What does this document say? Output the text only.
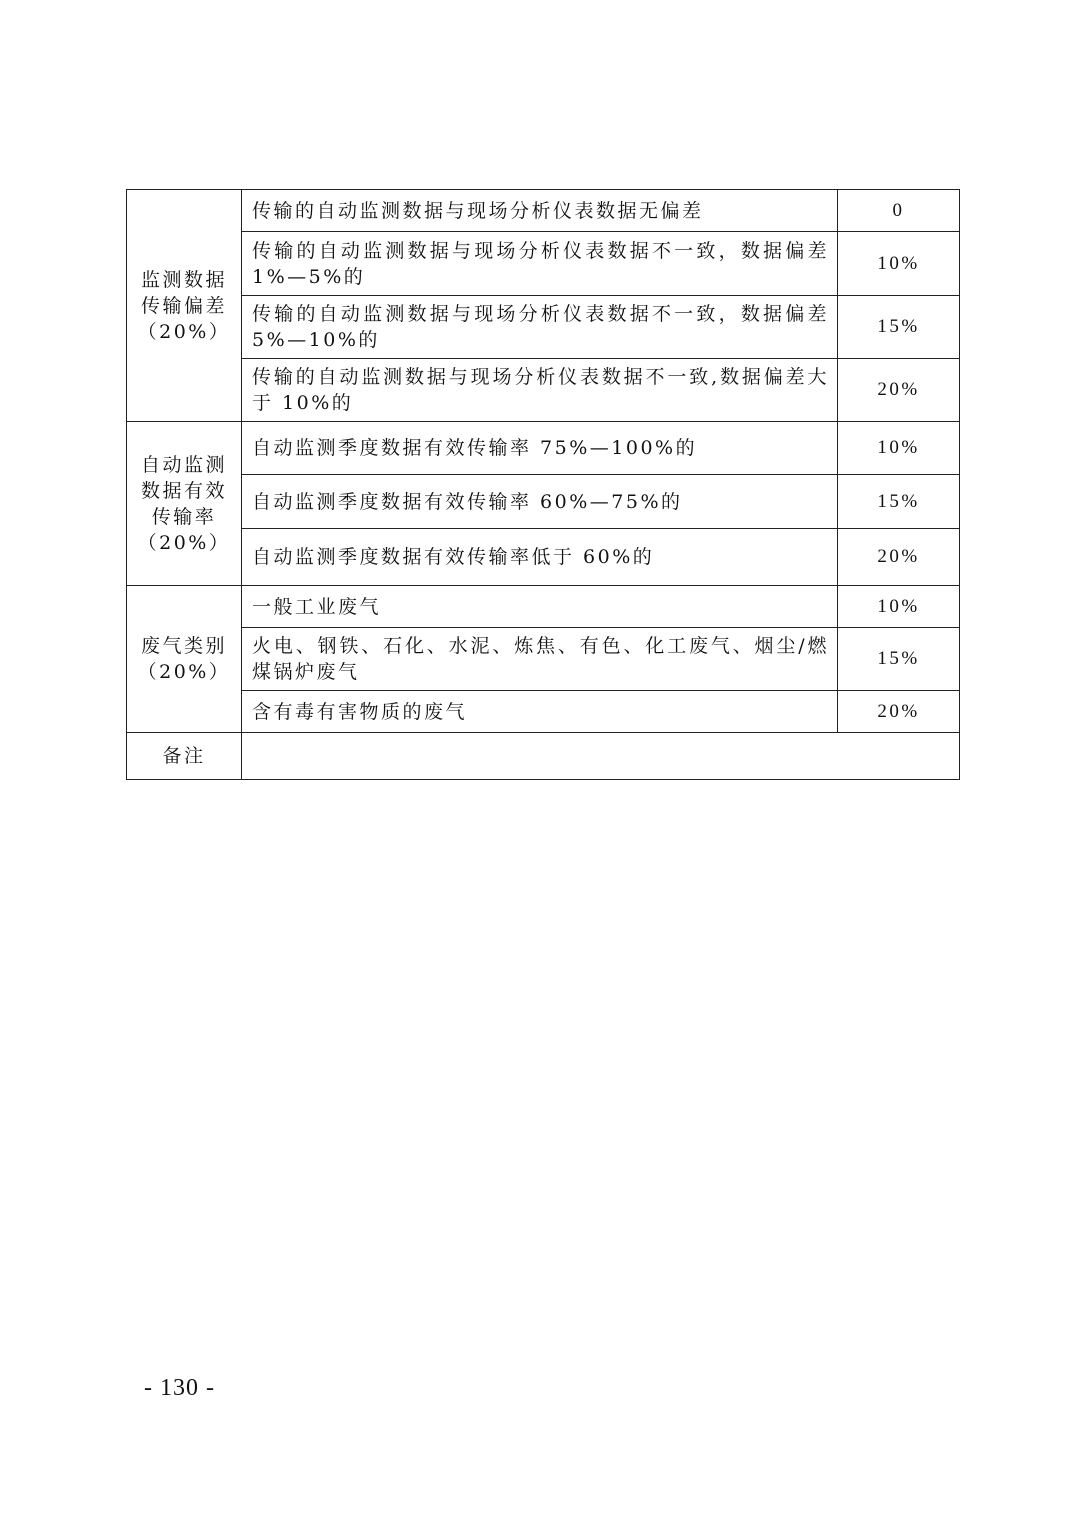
监测数据
传输偏差
（20%）	传输的自动监测数据与现场分析仪表数据无偏差	0
	传输的自动监测数据与现场分析仪表数据不一致，数据偏差1%—5%的	10%
	传输的自动监测数据与现场分析仪表数据不一致，数据偏差5%—10%的	15%
	传输的自动监测数据与现场分析仪表数据不一致,数据偏差大于 10%的	20%

自动监测
数据有效
传输率
（20%）	自动监测季度数据有效传输率 75%—100%的	10%
	自动监测季度数据有效传输率 60%—75%的	15%
	自动监测季度数据有效传输率低于 60%的	20%

废气类别
（20%）	一般工业废气	10%
	火电、钢铁、石化、水泥、炼焦、有色、化工废气、烟尘/燃煤锅炉废气	15%
	含有毒有害物质的废气	20%
备注		
- 130 -
